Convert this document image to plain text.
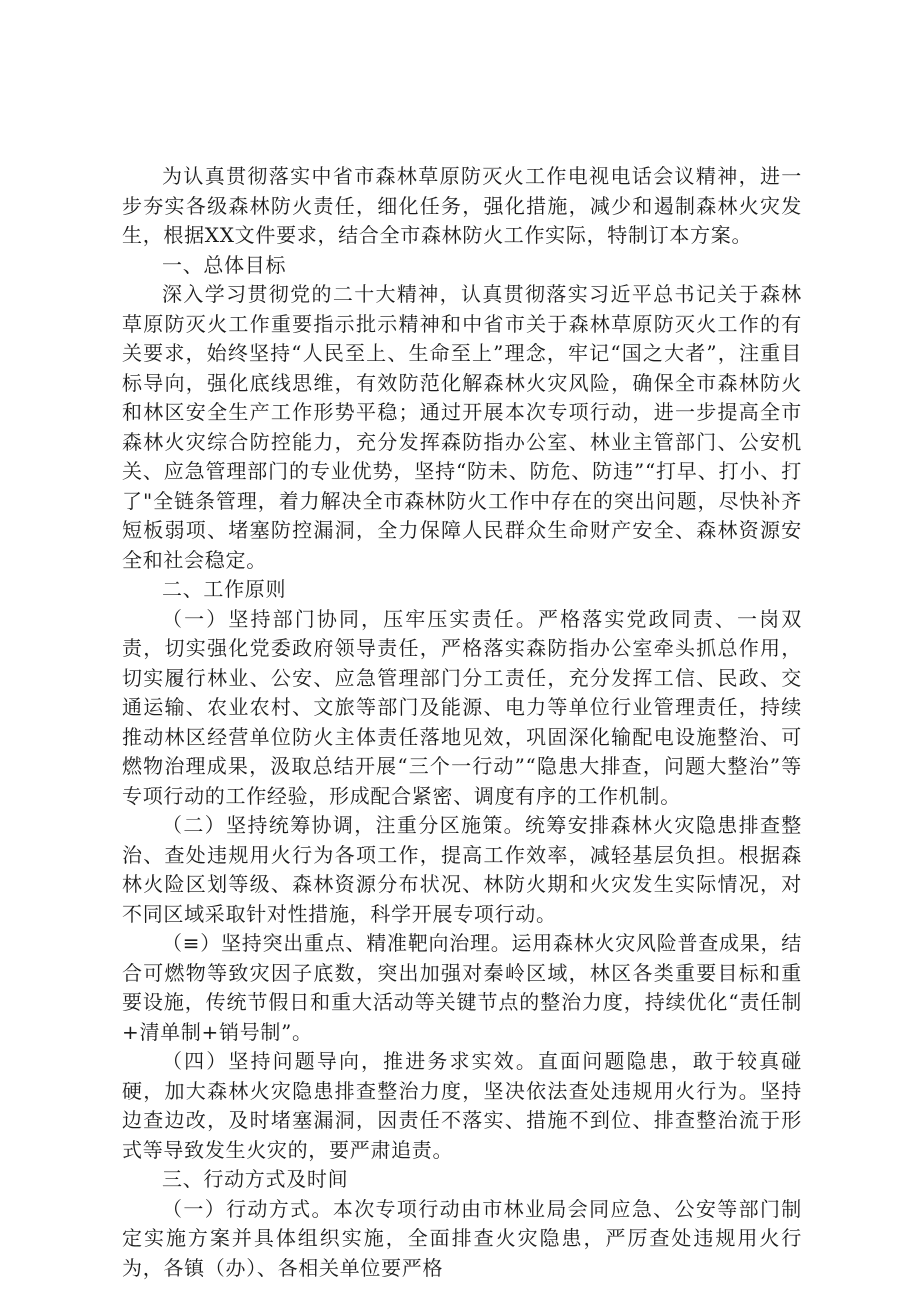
为认真贯彻落实中省市森林草原防灭火工作电视电话会议精神，进一步夯实各级森林防火责任，细化任务，强化措施，减少和遏制森林火灾发生，根据XX文件要求，结合全市森林防火工作实际，特制订本方案。

一、总体目标

深入学习贯彻党的二十大精神，认真贯彻落实习近平总书记关于森林草原防灭火工作重要指示批示精神和中省市关于森林草原防灭火工作的有关要求，始终坚持“人民至上、生命至上”理念，牢记“国之大者”，注重目标导向，强化底线思维，有效防范化解森林火灾风险，确保全市森林防火和林区安全生产工作形势平稳；通过开展本次专项行动，进一步提高全市森林火灾综合防控能力，充分发挥森防指办公室、林业主管部门、公安机关、应急管理部门的专业优势，坚持“防未、防危、防违”“打早、打小、打了"全链条管理，着力解决全市森林防火工作中存在的突出问题，尽快补齐短板弱项、堵塞防控漏洞，全力保障人民群众生命财产安全、森林资源安全和社会稳定。

二、工作原则

（一）坚持部门协同，压牢压实责任。严格落实党政同责、一岗双责，切实强化党委政府领导责任，严格落实森防指办公室牵头抓总作用，切实履行林业、公安、应急管理部门分工责任，充分发挥工信、民政、交通运输、农业农村、文旅等部门及能源、电力等单位行业管理责任，持续推动林区经营单位防火主体责任落地见效，巩固深化输配电设施整治、可燃物治理成果，汲取总结开展“三个一行动”“隐患大排查，问题大整治”等专项行动的工作经验，形成配合紧密、调度有序的工作机制。

（二）坚持统筹协调，注重分区施策。统筹安排森林火灾隐患排查整治、查处违规用火行为各项工作，提高工作效率，减轻基层负担。根据森林火险区划等级、森林资源分布状况、林防火期和火灾发生实际情况，对不同区域采取针对性措施，科学开展专项行动。

（≡）坚持突出重点、精准靶向治理。运用森林火灾风险普查成果，结合可燃物等致灾因子底数，突出加强对秦岭区域，林区各类重要目标和重要设施，传统节假日和重大活动等关键节点的整治力度，持续优化“责任制+清单制+销号制”。

（四）坚持问题导向，推进务求实效。直面问题隐患，敢于较真碰硬，加大森林火灾隐患排查整治力度，坚决依法查处违规用火行为。坚持边查边改，及时堵塞漏洞，因责任不落实、措施不到位、排查整治流于形式等导致发生火灾的，要严肃追责。

三、行动方式及时间

（一）行动方式。本次专项行动由市林业局会同应急、公安等部门制定实施方案并具体组织实施，全面排查火灾隐患，严厉查处违规用火行为，各镇（办）、各相关单位要严格
